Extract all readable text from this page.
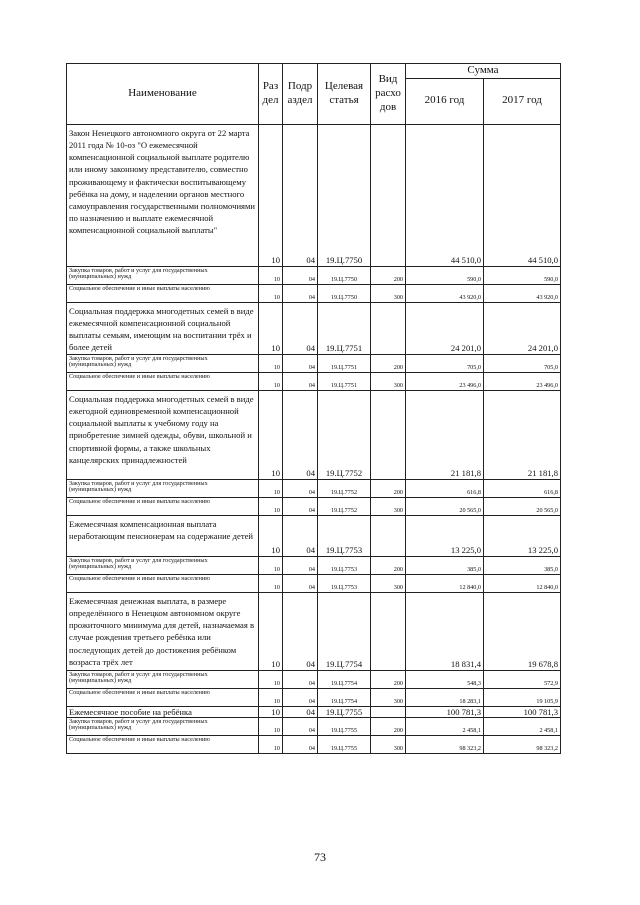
Наименование	Раз дел	Подр аздел	Целевая статья	Вид расхо дов	Сумма	
					2016 год	2017 год
Закон Ненецкого автономного округа от 22 марта 2011 года № 10-оз "О ежемесячной компенсационной социальной выплате родителю или иному законному представителю, совместно проживающему и фактически воспитывающему ребёнка на дому, и наделении органов местного самоуправления государственными полномочиями по назначению и выплате ежемесячной компенсационной социальной выплаты"	10	04	19.Ц.7750		44 510,0	44 510,0
Закупка товаров, работ и услуг для государственных (муниципальных) нужд	10	04	19.Ц.7750	200	590,0	590,0
Социальное обеспечение и иные выплаты населению	10	04	19.Ц.7750	300	43 920,0	43 920,0
Социальная поддержка многодетных семей в виде ежемесячной компенсационной социальной выплаты семьям, имеющим на воспитании трёх и более детей	10	04	19.Ц.7751		24 201,0	24 201,0
Закупка товаров, работ и услуг для государственных (муниципальных) нужд	10	04	19.Ц.7751	200	705,0	705,0
Социальное обеспечение и иные выплаты населению	10	04	19.Ц.7751	300	23 496,0	23 496,0
Социальная поддержка многодетных семей в виде ежегодной единовременной компенсационной социальной выплаты к учебному году на приобретение зимней одежды, обуви, школьной и спортивной формы, а также школьных канцелярских принадлежностей	10	04	19.Ц.7752		21 181,8	21 181,8
Закупка товаров, работ и услуг для государственных (муниципальных) нужд	10	04	19.Ц.7752	200	616,8	616,8
Социальное обеспечение и иные выплаты населению	10	04	19.Ц.7752	300	20 565,0	20 565,0
Ежемесячная компенсационная выплата неработающим пенсионерам на содержание детей	10	04	19.Ц.7753		13 225,0	13 225,0
Закупка товаров, работ и услуг для государственных (муниципальных) нужд	10	04	19.Ц.7753	200	385,0	385,0
Социальное обеспечение и иные выплаты населению	10	04	19.Ц.7753	300	12 840,0	12 840,0
Ежемесячная денежная выплата, в размере определённого в Ненецком автономном округе прожиточного минимума для детей, назначаемая в случае рождения третьего ребёнка или последующих детей до достижения ребёнком возраста трёх лет	10	04	19.Ц.7754		18 831,4	19 678,8
Закупка товаров, работ и услуг для государственных (муниципальных) нужд	10	04	19.Ц.7754	200	548,3	572,9
Социальное обеспечение и иные выплаты населению	10	04	19.Ц.7754	300	18 283,1	19 105,9
Ежемесячное пособие на ребёнка	10	04	19.Ц.7755		100 781,3	100 781,3
Закупка товаров, работ и услуг для государственных (муниципальных) нужд	10	04	19.Ц.7755	200	2 458,1	2 458,1
Социальное обеспечение и иные выплаты населению	10	04	19.Ц.7755	300	98 323,2	98 323,2
73
